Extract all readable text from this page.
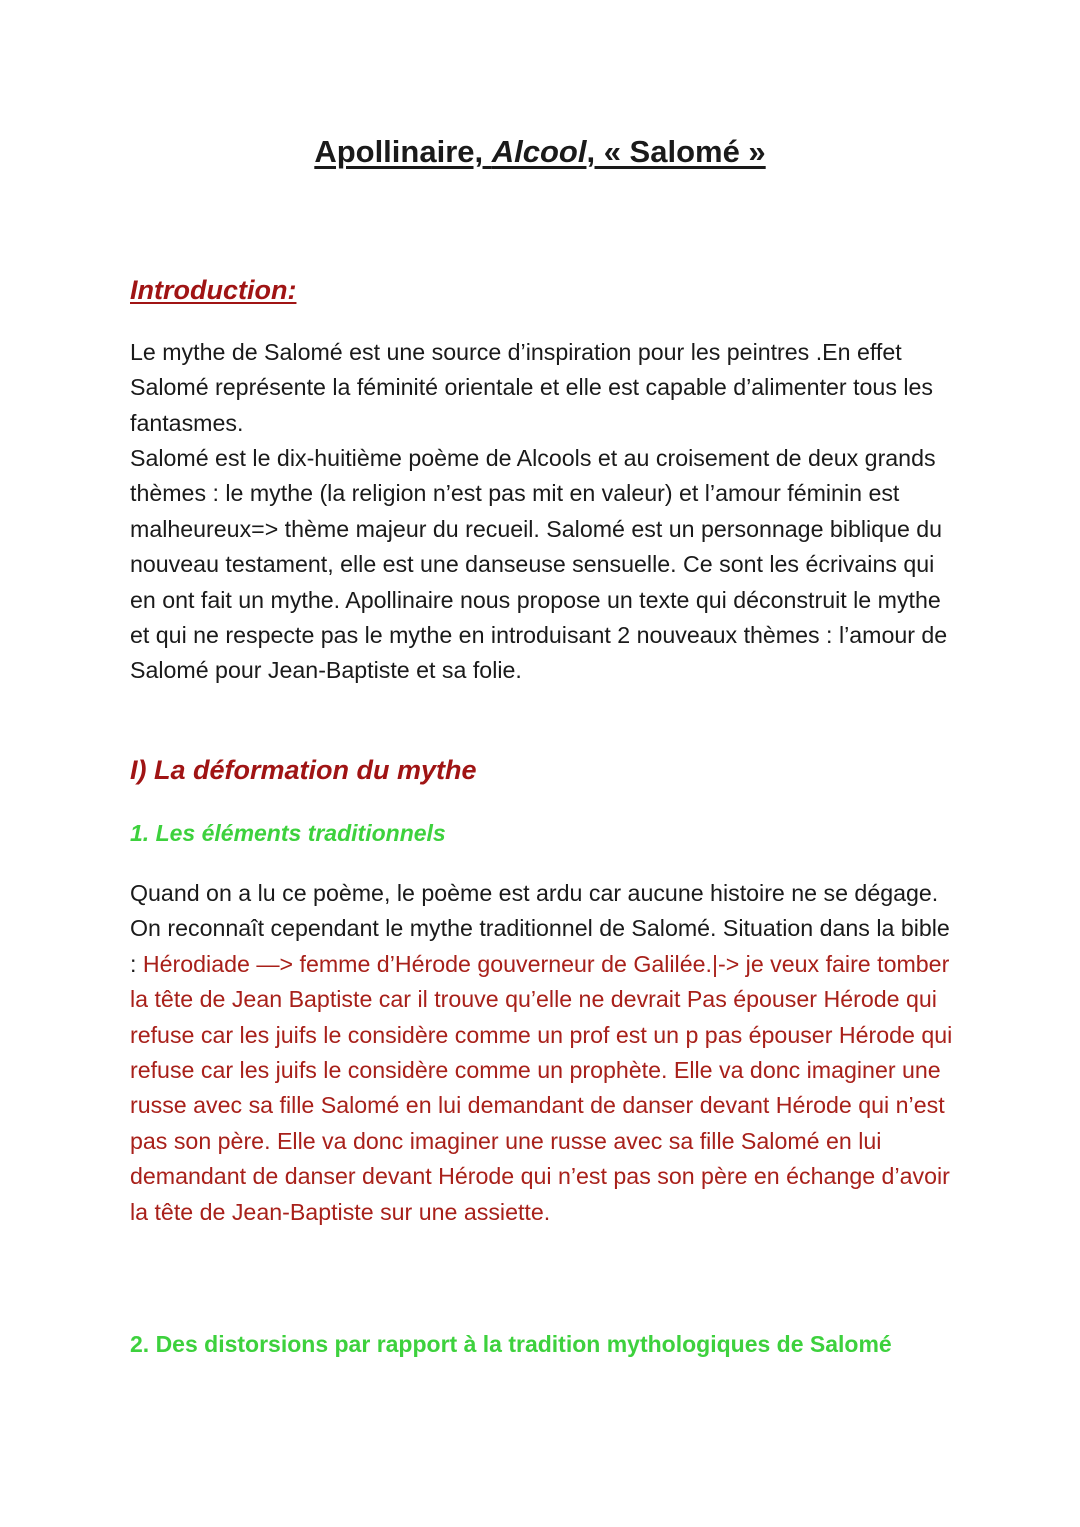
Apollinaire, Alcool, « Salomé »
Introduction:

Le mythe de Salomé est une source d’inspiration pour les peintres .En effet Salomé représente la féminité orientale et elle est capable d’alimenter tous les fantasmes.

Salomé est le dix-huitième poème de Alcools et au croisement de deux grands thèmes : le mythe (la religion n’est pas mit en valeur) et l’amour féminin est malheureux=> thème majeur du recueil. Salomé est un personnage biblique du nouveau testament, elle est une danseuse sensuelle. Ce sont les écrivains qui en ont fait un mythe. Apollinaire nous propose un texte qui déconstruit le mythe et qui ne respecte pas le mythe en introduisant 2 nouveaux thèmes : l’amour de Salomé pour Jean-Baptiste et sa folie.

I) La déformation du mythe
1. Les éléments traditionnels

Quand on a lu ce poème, le poème est ardu car aucune histoire ne se dégage. On reconnaît cependant le mythe traditionnel de Salomé. Situation dans la bible : Hérodiade —> femme d’Hérode gouverneur de Galilée.|-> je veux faire tomber la tête de Jean Baptiste car il trouve qu’elle ne devrait Pas épouser Hérode qui refuse car les juifs le considère comme un prof est un p pas épouser Hérode qui refuse car les juifs le considère comme un prophète. Elle va donc imaginer une russe avec sa fille Salomé en lui demandant de danser devant Hérode qui n’est pas son père. Elle va donc imaginer une russe avec sa fille Salomé en lui demandant de danser devant Hérode qui n’est pas son père en échange d’avoir la tête de Jean-Baptiste sur une assiette.

2. Des distorsions par rapport à la tradition mythologiques de Salomé
